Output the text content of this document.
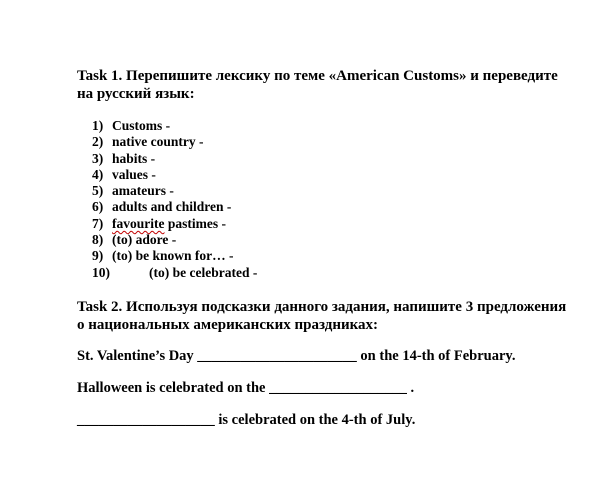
Task 1. Перепишите лексику по теме «American Customs» и переведите
на русский язык:
1) Customs -
2) native country -
3) habits -
4) values -
5) amateurs -
6) adults and children -
7) favourite pastimes -
8) (to) adore -
9) (to) be known for… -
10)	(to) be celebrated -
Task 2. Используя подсказки данного задания, напишите 3 предложения
о национальных американских праздниках:
St. Valentine’s Day ______________________ on the 14-th of February.
Halloween is celebrated on the ___________________ .
___________________ is celebrated on the 4-th of July.
